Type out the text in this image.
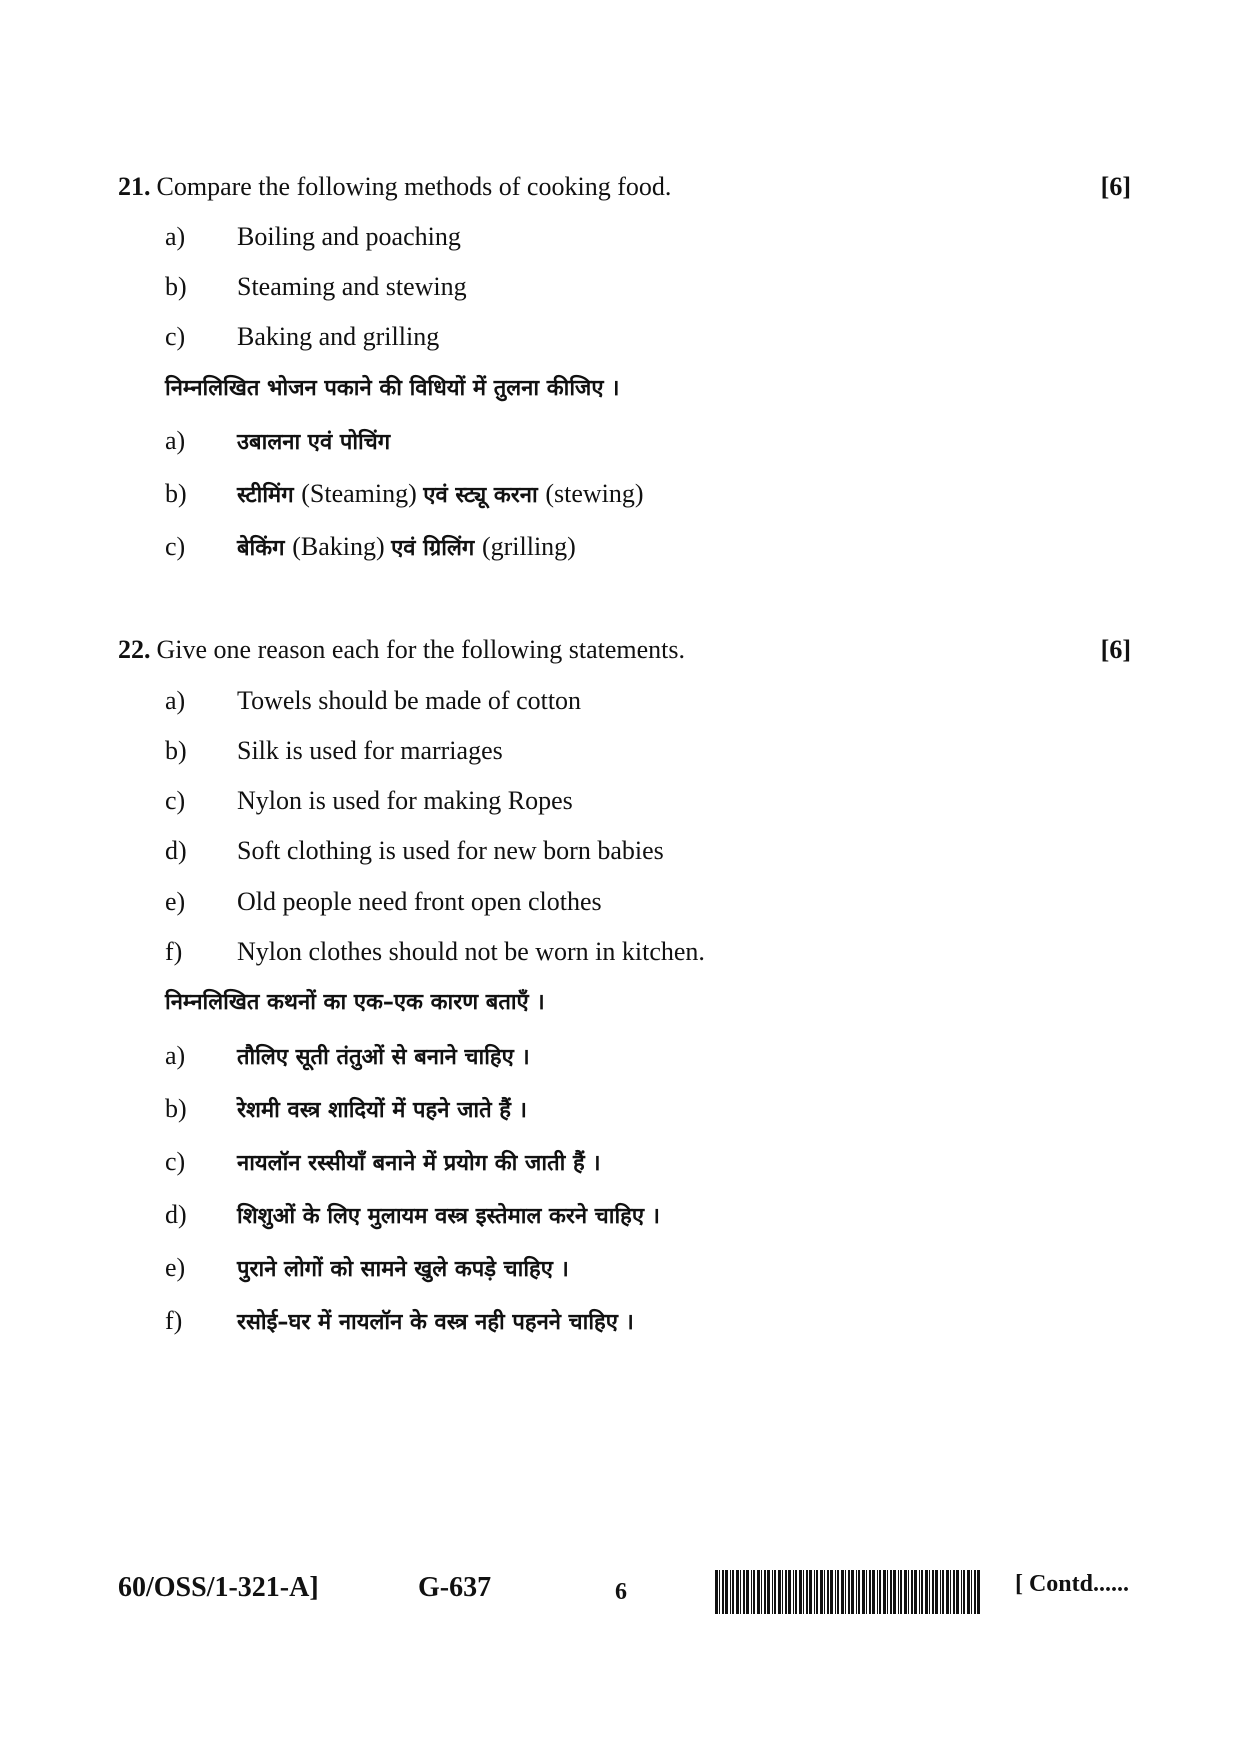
21. Compare the following methods of cooking food.	[6]
a) Boiling and poaching
b) Steaming and stewing
c) Baking and grilling
निम्नलिखित भोजन पकाने की विधियों में तुलना कीजिए ।
a) उबालना एवं पोचिंग
b) स्टीमिंग (Steaming) एवं स्ट्यू करना (stewing)
c) बेकिंग (Baking) एवं ग्रिलिंग (grilling)
22. Give one reason each for the following statements.	[6]
a) Towels should be made of cotton
b) Silk is used for marriages
c) Nylon is used for making Ropes
d) Soft clothing is used for new born babies
e) Old people need front open clothes
f) Nylon clothes should not be worn in kitchen.
निम्नलिखित कथनों का एक–एक कारण बताएँ ।
a) तौलिए सूती तंतुओं से बनाने चाहिए ।
b) रेशमी वस्त्र शादियों में पहने जाते हैं ।
c) नायलॉन रस्सीयाँ बनाने में प्रयोग की जाती हैं ।
d) शिशुओं के लिए मुलायम वस्त्र इस्तेमाल करने चाहिए ।
e) पुराने लोगों को सामने खुले कपड़े चाहिए ।
f) रसोई–घर में नायलॉन के वस्त्र नही पहनने चाहिए ।
60/OSS/1-321-A]	G-637	6	[ Contd......
